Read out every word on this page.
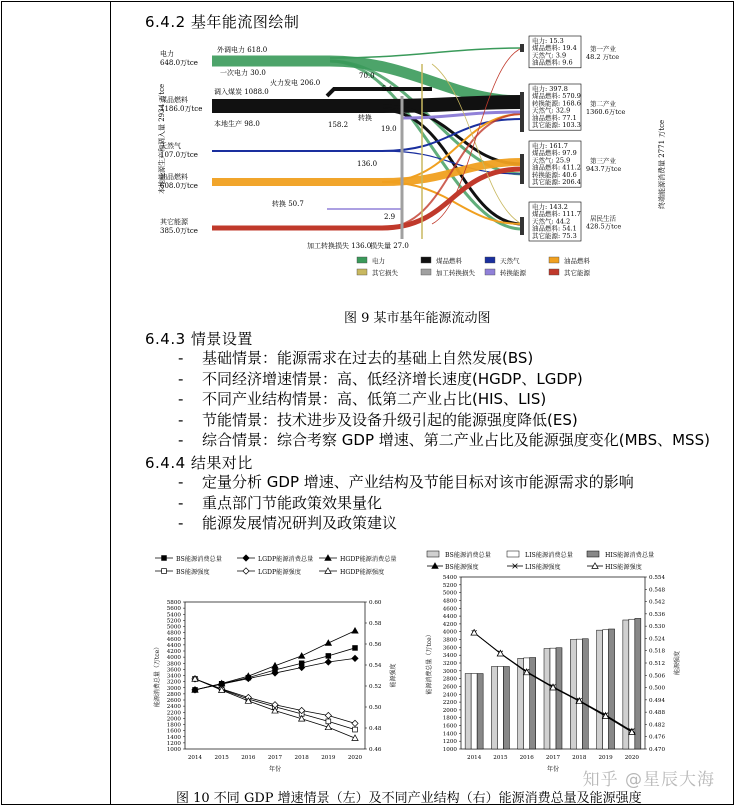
6.4.2 基年能流图绘制
本地能源生产和调入量 2934 万tce	终端能源消费量 2771 万tce
电力
648.0万tce
煤品燃料
1186.0万tce
天然气
107.0万tce
油品燃料
608.0万tce
其它能源
385.0万tce
外调电力 618.0
一次电力 30.0
火力发电 206.0
调入煤炭 1088.0
本地生产 98.0
70.0
5.1
158.2
转换
19.0
136.0
转换 50.7
2.9
加工转换损失 136.0
损失量 27.0
电力: 15.3
煤品燃料: 19.4
天然气: 3.9
油品燃料: 9.6
第一产业
48.2 万tce
电力: 397.8
煤品燃料: 570.9
转换能源: 168.6
天然气: 32.9
油品燃料: 77.1
其它能源: 103.3
第二产业
1360.6万tce
电力: 161.7
煤品燃料: 97.9
天然气: 25.9
油品燃料: 411.2
转换能源: 40.6
其它能源: 206.4
第三产业
943.7万tce
电力: 143.2
煤品燃料: 111.7
天然气: 44.2
油品燃料: 54.1
其它能源: 75.3
居民生活
428.5万tce
电力	煤品燃料	天然气	油品燃料
其它损失	加工转换损失	转换能源	其它能源
图 9 某市基年能源流动图
6.4.3 情景设置
- 基础情景：能源需求在过去的基础上自然发展(BS)
- 不同经济增速情景：高、低经济增长速度(HGDP、LGDP)
- 不同产业结构情景：高、低第二产业占比(HIS、LIS)
- 节能情景：技术进步及设备升级引起的能源强度降低(ES)
- 综合情景：综合考察 GDP 增速、第二产业占比及能源强度变化(MBS、MSS)
6.4.4 结果对比
- 定量分析 GDP 增速、产业结构及节能目标对该市能源需求的影响
- 重点部门节能政策效果量化
- 能源发展情况研判及政策建议
BS能源消费总量	LGDP能源消费总量	HGDP能源消费总量
BS能源强度	LGDP能源强度	HGDP能源强度
1000
1200
1400
1600
1800
2000
2200
2400
2600
2800
3000
3200
3400
3600
3800
4000
4200
4400
4600
4800
5000
5200
5400
5600
5800
0.46
0.48
0.50
0.52
0.54
0.56
0.58
0.60
2014 2015 2016 2017 2018 2019 2020
年份
能源消费总量（万tce）	能源强度
BS能源消费总量	LIS能源消费总量	HIS能源消费总量
BS能源强度	LIS能源强度	HIS能源强度
1000
1200
1400
1600
1800
2000
2200
2400
2600
2800
3000
3200
3400
3600
3800
4000
4200
4400
4600
4800
5000
5200
5400
0.470
0.476
0.482
0.488
0.494
0.500
0.506
0.512
0.518
0.524
0.530
0.536
0.542
0.548
0.554
2014 2015 2016 2017 2018 2019 2020
年份
能源消费总量（万tce）	能源强度
图 10 不同 GDP 增速情景（左）及不同产业结构（右）能源消费总量及能源强度
知乎 @星辰大海
